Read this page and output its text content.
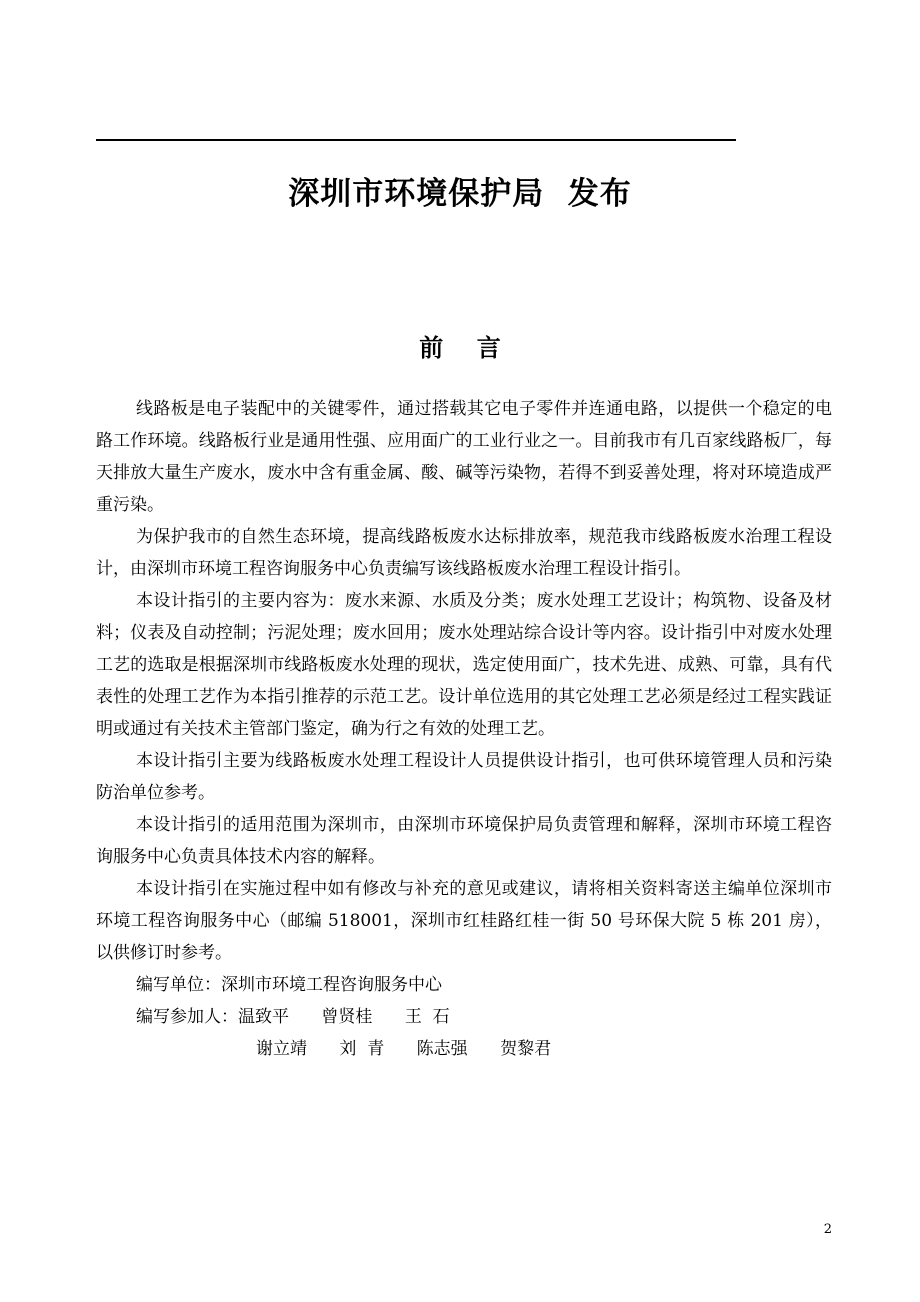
深圳市环境保护局  发布
前    言

线路板是电子装配中的关键零件，通过搭载其它电子零件并连通电路，以提供一个稳定的电路工作环境。线路板行业是通用性强、应用面广的工业行业之一。目前我市有几百家线路板厂，每天排放大量生产废水，废水中含有重金属、酸、碱等污染物，若得不到妥善处理，将对环境造成严重污染。

为保护我市的自然生态环境，提高线路板废水达标排放率，规范我市线路板废水治理工程设计，由深圳市环境工程咨询服务中心负责编写该线路板废水治理工程设计指引。

本设计指引的主要内容为：废水来源、水质及分类；废水处理工艺设计；构筑物、设备及材料；仪表及自动控制；污泥处理；废水回用；废水处理站综合设计等内容。设计指引中对废水处理工艺的选取是根据深圳市线路板废水处理的现状，选定使用面广，技术先进、成熟、可靠，具有代表性的处理工艺作为本指引推荐的示范工艺。设计单位选用的其它处理工艺必须是经过工程实践证明或通过有关技术主管部门鉴定，确为行之有效的处理工艺。

本设计指引主要为线路板废水处理工程设计人员提供设计指引，也可供环境管理人员和污染防治单位参考。

本设计指引的适用范围为深圳市，由深圳市环境保护局负责管理和解释，深圳市环境工程咨询服务中心负责具体技术内容的解释。

本设计指引在实施过程中如有修改与补充的意见或建议，请将相关资料寄送主编单位深圳市环境工程咨询服务中心（邮编 518001，深圳市红桂路红桂一街 50 号环保大院 5 栋 201 房），以供修订时参考。

编写单位：深圳市环境工程咨询服务中心

编写参加人：温致平      曾贤桂      王  石

谢立靖      刘  青      陈志强      贺黎君

2
